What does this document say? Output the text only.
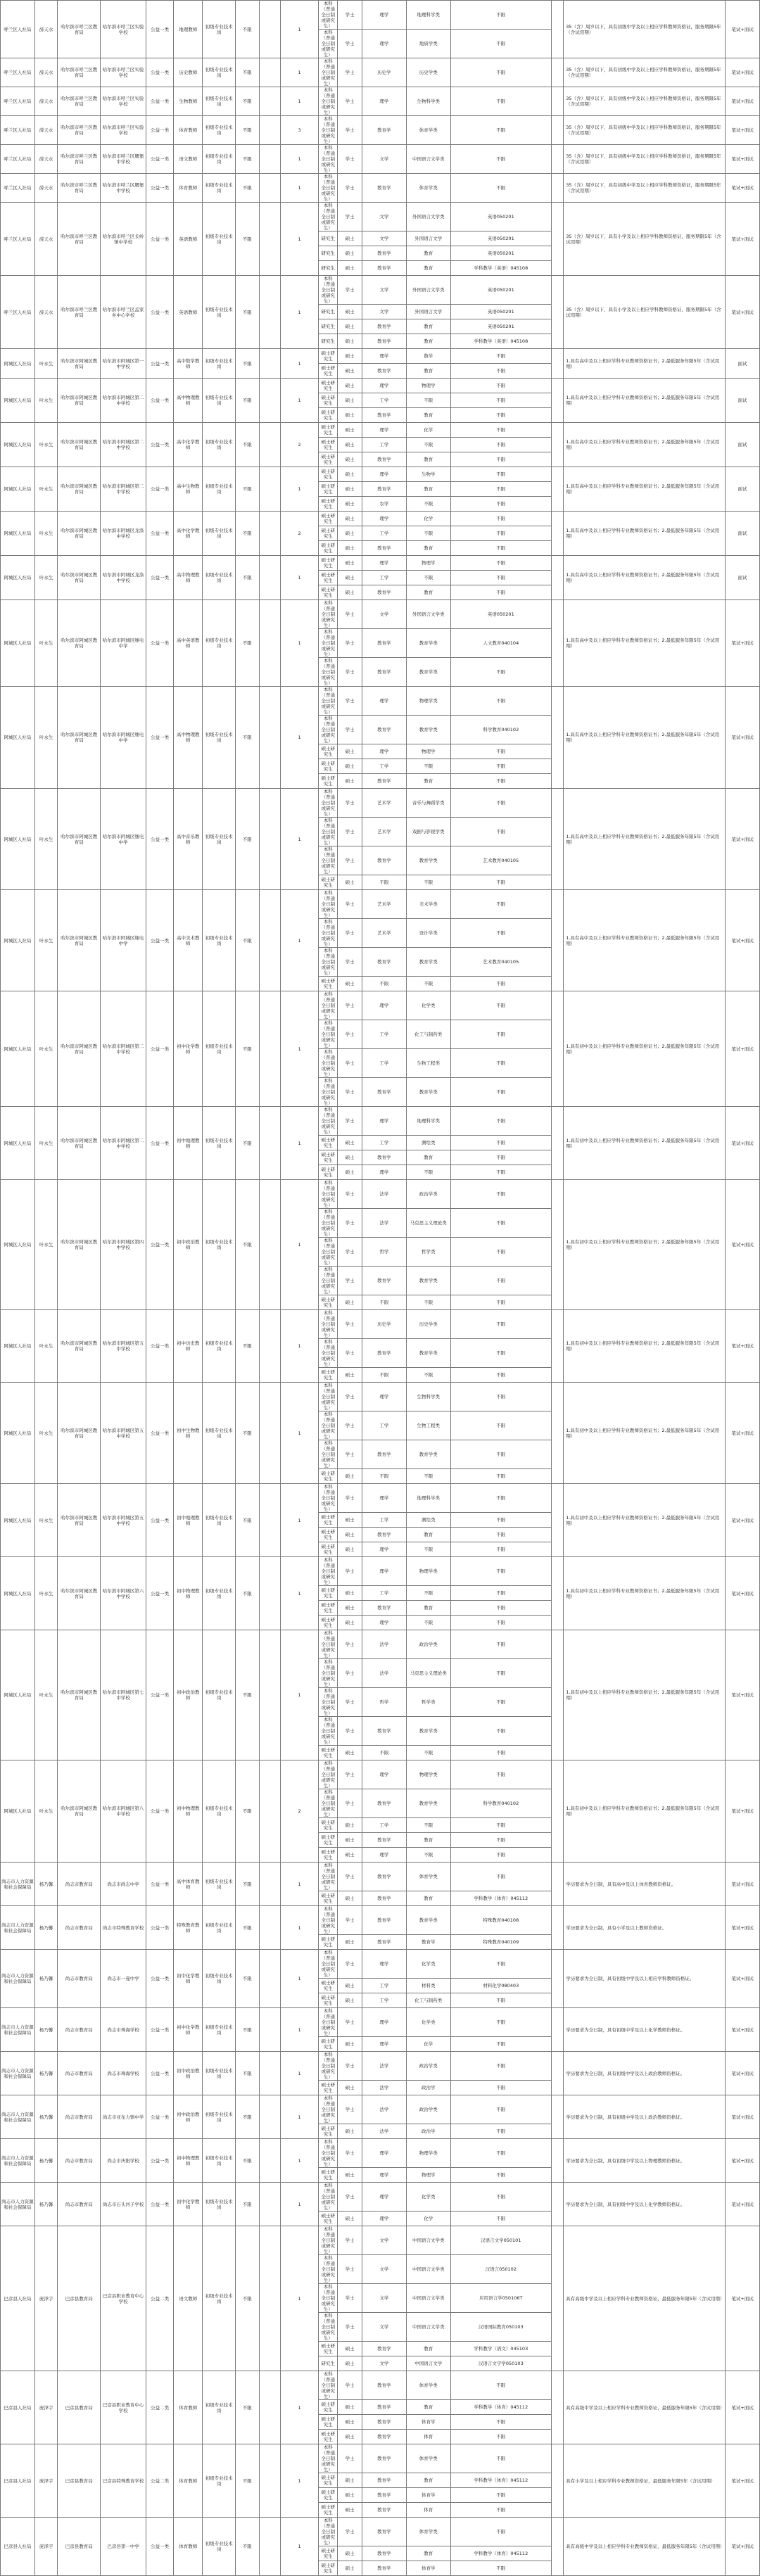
呼兰区人社局	薛天水	哈尔滨市呼兰区教育局	哈尔滨市呼兰区实验学校	公益一类	地理教师	初级专业技术岗	不限		1	本科（普通全日制或研究生）	学士	理学	地理科学类	不限		35（含）周岁以下，具有初级中学及以上相应学科教师资格证，服务期限5年（含试用期）	笔试+面试
										本科（普通全日制或研究生）	学士	理学	地质学类	不限			
呼兰区人社局	薛天水	哈尔滨市呼兰区教育局	哈尔滨市呼兰区实验学校	公益一类	历史教师	初级专业技术岗	不限		1	本科（普通全日制或研究生）	学士	历史学	历史学类	不限		35（含）周岁以下，具有初级中学及以上相应学科教师资格证，服务期限5年（含试用期）	笔试+面试
呼兰区人社局	薛天水	哈尔滨市呼兰区教育局	哈尔滨市呼兰区实验学校	公益一类	生物教师	初级专业技术岗	不限		1	本科（普通全日制或研究生）	学士	理学	生物科学类	不限		35（含）周岁以下，具有初级中学及以上相应学科教师资格证，服务期限5年（含试用期）	笔试+面试
呼兰区人社局	薛天水	哈尔滨市呼兰区教育局	哈尔滨市呼兰区实验学校	公益一类	体育教师	初级专业技术岗	不限		3	本科（普通全日制或研究生）	学士	教育学	体育学类	不限		35（含）周岁以下，具有初级中学及以上相应学科教师资格证，服务期限5年（含试用期）	笔试+面试
呼兰区人社局	薛天水	哈尔滨市呼兰区教育局	哈尔滨市呼兰区腰堡中学校	公益一类	语文教师	初级专业技术岗	不限		1	本科（普通全日制或研究生）	学士	文学	中国语言文学类	不限		35（含）周岁以下，具有初级中学及以上相应学科教师资格证，服务期限5年（含试用期）	笔试+面试
呼兰区人社局	薛天水	哈尔滨市呼兰区教育局	哈尔滨市呼兰区腰堡中学校	公益一类	体育教师	初级专业技术岗	不限		1	本科（普通全日制或研究生）	学士	教育学	体育学类	不限		35（含）周岁以下，具有初级中学及以上相应学科教师资格证，服务期限5年（含试用期）	笔试+面试
呼兰区人社局	薛天水	哈尔滨市呼兰区教育局	哈尔滨市呼兰区长岭镇中学校	公益一类	英语教师	初级专业技术岗	不限		1	本科（普通全日制或研究生）	学士	文学	外国语言文学类	英语050201		35（含）周岁以下，具有小学及以上相应学科教师资格证，服务期限5年（含试用期）	笔试+面试
										研究生	硕士	文学	外国语言文学	英语050201			
										研究生	硕士	教育学	教育	英语050201			
										研究生	硕士	教育学	教育	学科教学（英语）045108			
呼兰区人社局	薛天水	哈尔滨市呼兰区教育局	哈尔滨市呼兰区孟家乡中心学校	公益一类	英语教师	初级专业技术岗	不限		1	本科（普通全日制或研究生）	学士	文学	外国语言文学类	英语050201		35（含）周岁以下，具有小学及以上相应学科教师资格证，服务期限5年（含试用期）	笔试+面试
										研究生	硕士	文学	外国语言文学	英语050201			
										研究生	硕士	教育学	教育	英语050201			
										研究生	硕士	教育学	教育	学科教学（英语）045108			
阿城区人社局	叶永生	哈尔滨市阿城区教育局	哈尔滨市阿城区第一中学校	公益一类	高中数学教师	初级专业技术岗	不限		1	硕士研究生	硕士	理学	数学	不限		1.具有高中及以上相应学科专业教师资格证书；2.最低服务年限5年（含试用期）	面试
										硕士研究生	硕士	教育学	教育	不限			
阿城区人社局	叶永生	哈尔滨市阿城区教育局	哈尔滨市阿城区第二中学校	公益一类	高中物理教师	初级专业技术岗	不限		1	硕士研究生	硕士	理学	物理学	不限		1.具有高中及以上相应学科专业教师资格证书；2.最低服务年限5年（含试用期）	面试
										硕士研究生	硕士	工学	不限	不限			
										硕士研究生	硕士	教育学	教育	不限			
阿城区人社局	叶永生	哈尔滨市阿城区教育局	哈尔滨市阿城区第二中学校	公益一类	高中化学教师	初级专业技术岗	不限		2	硕士研究生	硕士	理学	化学	不限		1.具有高中及以上相应学科专业教师资格证书；2.最低服务年限5年（含试用期）	面试
										硕士研究生	硕士	工学	不限	不限			
										硕士研究生	硕士	教育学	教育	不限			
阿城区人社局	叶永生	哈尔滨市阿城区教育局	哈尔滨市阿城区第二中学校	公益一类	高中生物教师	初级专业技术岗	不限		1	硕士研究生	硕士	理学	生物学	不限		1.具有高中及以上相应学科专业教师资格证书；2.最低服务年限5年（含试用期）	面试
										硕士研究生	硕士	教育学	教育	不限			
										硕士研究生	硕士	农学	不限	不限			
阿城区人社局	叶永生	哈尔滨市阿城区教育局	哈尔滨市阿城区龙涤中学校	公益一类	高中化学教师	初级专业技术岗	不限		2	硕士研究生	硕士	理学	化学	不限		1.具有高中及以上相应学科专业教师资格证书；2.最低服务年限5年（含试用期）	面试
										硕士研究生	硕士	工学	不限	不限			
										硕士研究生	硕士	教育学	教育	不限			
阿城区人社局	叶永生	哈尔滨市阿城区教育局	哈尔滨市阿城区龙涤中学校	公益一类	高中物理教师	初级专业技术岗	不限		1	硕士研究生	硕士	理学	物理学	不限		1.具有高中及以上相应学科专业教师资格证书；2.最低服务年限5年（含试用期）	面试
										硕士研究生	硕士	工学	不限	不限			
										硕士研究生	硕士	教育学	教育	不限			
阿城区人社局	叶永生	哈尔滨市阿城区教育局	哈尔滨市阿城区继电中学	公益一类	高中英语教师	初级专业技术岗	不限		1	本科（普通全日制或研究生）	学士	文学	外国语言文学类	英语050201		1.具有高中及以上相应学科专业教师资格证书；2.最低服务年限5年（含试用期）	笔试+面试
										本科（普通全日制或研究生）	学士	教育学	教育学类	人文教育040104			
										本科（普通全日制或研究生）	学士	教育学	教育学类	不限			
阿城区人社局	叶永生	哈尔滨市阿城区教育局	哈尔滨市阿城区继电中学	公益一类	高中物理教师	初级专业技术岗	不限		1	本科（普通全日制或研究生）	学士	理学	物理学类	不限		1.具有高中及以上相应学科专业教师资格证书；2.最低服务年限5年（含试用期）	笔试+面试
										本科（普通全日制或研究生）	学士	教育学	教育学类	科学教育040102			
										硕士研究生	硕士	理学	物理学	不限			
										硕士研究生	硕士	工学	不限	不限			
										硕士研究生	硕士	教育学	教育	不限			
阿城区人社局	叶永生	哈尔滨市阿城区教育局	哈尔滨市阿城区继电中学	公益一类	高中音乐教师	初级专业技术岗	不限		1	本科（普通全日制或研究生）	学士	艺术学	音乐与舞蹈学类	不限		1.具有高中及以上相应学科专业教师资格证书；2.最低服务年限5年（含试用期）	笔试+面试
										本科（普通全日制或研究生）	学士	艺术学	戏剧与影视学类	不限			
										本科（普通全日制或研究生）	学士	教育学	教育学类	艺术教育040105			
										硕士研究生	硕士	不限	不限	不限			
阿城区人社局	叶永生	哈尔滨市阿城区教育局	哈尔滨市阿城区继电中学	公益一类	高中美术教师	初级专业技术岗	不限		1	本科（普通全日制或研究生）	学士	艺术学	美术学类	不限		1.具有高中及以上相应学科专业教师资格证书；2.最低服务年限5年（含试用期）	笔试+面试
										本科（普通全日制或研究生）	学士	艺术学	设计学类	不限			
										本科（普通全日制或研究生）	学士	教育学	教育学类	艺术教育040105			
										硕士研究生	硕士	不限	不限	不限			
阿城区人社局	叶永生	哈尔滨市阿城区教育局	哈尔滨市阿城区第二中学校	公益一类	初中化学教师	初级专业技术岗	不限		1	本科（普通全日制或研究生）	学士	理学	化学类	不限		1.具有初中及以上相应学科专业教师资格证书；2.最低服务年限5年（含试用期）	笔试+面试
										本科（普通全日制或研究生）	学士	工学	化工与制药类	不限			
										本科（普通全日制或研究生）	学士	工学	生物工程类	不限			
										本科（普通全日制或研究生）	学士	教育学	教育学类	不限			
阿城区人社局	叶永生	哈尔滨市阿城区教育局	哈尔滨市阿城区第二中学校	公益一类	初中地理教师	初级专业技术岗	不限		1	本科（普通全日制或研究生）	学士	理学	地理科学类	不限		1.具有初中及以上相应学科专业教师资格证书；2.最低服务年限5年（含试用期）	笔试+面试
										硕士研究生	硕士	工学	测绘类	不限			
										硕士研究生	硕士	教育学	教育	不限			
										硕士研究生	硕士	理学	不限	不限			
阿城区人社局	叶永生	哈尔滨市阿城区教育局	哈尔滨市阿城区第四中学校	公益一类	初中政治教师	初级专业技术岗	不限		1	本科（普通全日制或研究生）	学士	法学	政治学类	不限		1.具有初中及以上相应学科专业教师资格证书；2.最低服务年限5年（含试用期）	笔试+面试
										本科（普通全日制或研究生）	学士	法学	马克思主义理论类	不限			
										本科（普通全日制或研究生）	学士	哲学	哲学类	不限			
										本科（普通全日制或研究生）	学士	教育学	教育学类	不限			
										硕士研究生	硕士	不限	不限	不限			
阿城区人社局	叶永生	哈尔滨市阿城区教育局	哈尔滨市阿城区第五中学校	公益一类	初中历史教师	初级专业技术岗	不限		1	本科（普通全日制或研究生）	学士	历史学	历史学类	不限		1.具有初中及以上相应学科专业教师资格证书；2.最低服务年限5年（含试用期）	笔试+面试
										本科（普通全日制或研究生）	学士	教育学	教育学类	不限			
										硕士研究生	硕士	不限	不限	不限			
阿城区人社局	叶永生	哈尔滨市阿城区教育局	哈尔滨市阿城区第五中学校	公益一类	初中生物教师	初级专业技术岗	不限		1	本科（普通全日制或研究生）	学士	理学	生物科学类	不限		1.具有初中及以上相应学科专业教师资格证书；2.最低服务年限5年（含试用期）	笔试+面试
										本科（普通全日制或研究生）	学士	工学	生物工程类	不限			
										本科（普通全日制或研究生）	学士	教育学	教育学类	不限			
										硕士研究生	硕士	不限	不限	不限			
阿城区人社局	叶永生	哈尔滨市阿城区教育局	哈尔滨市阿城区第五中学校	公益一类	初中地理教师	初级专业技术岗	不限		1	本科（普通全日制或研究生）	学士	理学	地理科学类	不限		1.具有初中及以上相应学科专业教师资格证书；2.最低服务年限5年（含试用期）	笔试+面试
										硕士研究生	硕士	工学	测绘类	不限			
										硕士研究生	硕士	教育学	教育	不限			
										硕士研究生	硕士	理学	不限	不限			
阿城区人社局	叶永生	哈尔滨市阿城区教育局	哈尔滨市阿城区第六中学校	公益一类	初中物理教师	初级专业技术岗	不限		1	本科（普通全日制或研究生）	学士	理学	物理学类	不限		1.具有初中及以上相应学科专业教师资格证书；2.最低服务年限5年（含试用期）	笔试+面试
										硕士研究生	硕士	工学	不限	不限			
										硕士研究生	硕士	教育学	教育	不限			
										硕士研究生	硕士	理学	不限	不限			
阿城区人社局	叶永生	哈尔滨市阿城区教育局	哈尔滨市阿城区第七中学校	公益一类	初中政治教师	初级专业技术岗	不限		1	本科（普通全日制或研究生）	学士	法学	政治学类	不限		1.具有初中及以上相应学科专业教师资格证书；2.最低服务年限5年（含试用期）	笔试+面试
										本科（普通全日制或研究生）	学士	法学	马克思主义理论类	不限			
										本科（普通全日制或研究生）	学士	哲学	哲学类	不限			
										本科（普通全日制或研究生）	学士	教育学	教育学类	不限			
										硕士研究生	硕士	不限	不限	不限			
阿城区人社局	叶永生	哈尔滨市阿城区教育局	哈尔滨市阿城区第八中学校	公益一类	初中物理教师	初级专业技术岗	不限		2	本科（普通全日制或研究生）	学士	理学	物理学类	不限		1.具有初中及以上相应学科专业教师资格证书；2.最低服务年限5年（含试用期）	笔试+面试
										本科（普通全日制或研究生）	学士	教育学	教育学类	科学教育040102			
										硕士研究生	硕士	工学	不限	不限			
										硕士研究生	硕士	教育学	教育	不限			
										硕士研究生	硕士	理学	不限	不限			
尚志市人力资源和社会保障局	杨乃馨	尚志市教育局	尚志市尚志中学	公益一类	高中体育教师	初级专业技术岗	不限		1	本科（普通全日制或研究生）	学士	教育学	体育学类	不限		学历要求为全日制，具有高中及以上体育教师资格证。	笔试+面试
										硕士研究生	硕士	教育学	教育	学科教学（体育）045112			
尚志市人力资源和社会保障局	杨乃馨	尚志市教育局	尚志市特殊教育学校	公益一类	特殊教育教师	初级专业技术岗	不限		1	本科（普通全日制或研究生）	学士	教育学	教育学类	特殊教育040108		学历要求为全日制，具有小学及以上教师资格证。	笔试+面试
										硕士研究生	硕士	教育学	教育学	特殊教育040109			
尚志市人力资源和社会保障局	杨乃馨	尚志市教育局	尚志市一曼中学	公益一类	初中化学教师	初级专业技术岗	不限		1	本科（普通全日制或研究生）	学士	理学	化学类	不限		学历要求为全日制，具有初级中学及以上相应学科教师资格证。	笔试+面试
										硕士研究生	硕士	工学	材料类	材料化学080403			
										硕士研究生	硕士	工学	化工与制药类	不限			
尚志市人力资源和社会保障局	杨乃馨	尚志市教育局	尚志市珠海学校	公益一类	初中化学教师	初级专业技术岗	不限		1	本科（普通全日制或研究生）	学士	理学	化学类	不限		学历要求为全日制，具有初级中学及以上化学教师资格证。	笔试+面试
										硕士研究生	硕士	理学	化学	不限			
尚志市人力资源和社会保障局	杨乃馨	尚志市教育局	尚志市珠海学校	公益一类	初中政治教师	初级专业技术岗	不限		1	本科（普通全日制或研究生）	学士	法学	政治学类	不限		学历要求为全日制，具有初级中学及以上政治教师资格证。	笔试+面试
										硕士研究生	硕士	法学	政治学	不限			
尚志市人力资源和社会保障局	杨乃馨	尚志市教育局	尚志市亚布力镇中学	公益一类	初中政治教师	初级专业技术岗	不限		1	本科（普通全日制或研究生）	学士	法学	政治学类	不限		学历要求为全日制，具有初级中学及以上政治教师资格证。	笔试+面试
										硕士研究生	硕士	法学	政治学	不限			
尚志市人力资源和社会保障局	杨乃馨	尚志市教育局	尚志市庆阳学校	公益一类	初中物理教师	初级专业技术岗	不限		1	本科（普通全日制或研究生）	学士	理学	物理学类	不限		学历要求为全日制，具有初级中学及以上物理教师资格证。	笔试+面试
										硕士研究生	硕士	理学	物理学	不限			
尚志市人力资源和社会保障局	杨乃馨	尚志市教育局	尚志市石头河子学校	公益一类	初中化学教师	初级专业技术岗	不限		1	本科（普通全日制或研究生）	学士	理学	化学类	不限		学历要求为全日制，具有初级中学及以上化学教师资格证。	笔试+面试
										硕士研究生	硕士	理学	化学	不限			
巴彦县人社局	庞泽宇	巴彦县教育局	巴彦县职业教育中心学校	公益二类	语文教师	初级专业技术岗	不限		1	本科（普通全日制或研究生）	学士	文学	中国语言文学类	汉语言文学050101		具有高级中学及以上相应学科专业教师资格证，最低服务年限5年（含试用期）	笔试+面试
										本科（普通全日制或研究生）	学士	文学	中国语言文学类	汉语言050102			
										本科（普通全日制或研究生）	学士	文学	中国语言文学类	应用语言学050106T			
										本科（普通全日制或研究生）	学士	文学	中国语言文学类	汉语国际教育050103			
										硕士研究生	硕士	教育学	教育	学科教学（语文）045103			
										研究生	硕士	文学	中国语言文学	汉语言文字学050103			
巴彦县人社局	庞泽宇	巴彦县教育局	巴彦县职业教育中心学校	公益二类	体育教师	初级专业技术岗	不限		1	本科（普通全日制或研究生）	学士	教育学	体育学类	不限		具有高级中学及以上相应学科专业教师资格证，最低服务年限5年（含试用期）	笔试+面试
										硕士研究生	硕士	教育学	教育	学科教学（体育）045112			
										硕士研究生	硕士	教育学	体育学	不限			
										硕士研究生	硕士	教育学	体育	不限			
巴彦县人社局	庞泽宇	巴彦县教育局	巴彦县特殊教育学校	公益二类	体育教师	初级专业技术岗	不限		1	本科（普通全日制或研究生）	学士	教育学	体育学类	不限		具有小学及以上相应学科专业教师资格证，最低服务年限5年（含试用期）	笔试+面试
										硕士研究生	硕士	教育学	教育	学科教学（体育）045112			
										硕士研究生	硕士	教育学	体育学	不限			
										硕士研究生	硕士	教育学	体育	不限			
巴彦县人社局	庞泽宇	巴彦县教育局	巴彦县第一中学	公益一类	体育教师	初级专业技术岗	不限		1	本科（普通全日制或研究生）	学士	教育学	体育学类	不限		具有高级中学及以上相应学科专业教师资格证，最低服务年限5年（含试用期）	笔试+面试
										硕士研究生	硕士	教育学	教育	学科教学（体育）045112			
										硕士研究生	硕士	教育学	体育学	不限			
